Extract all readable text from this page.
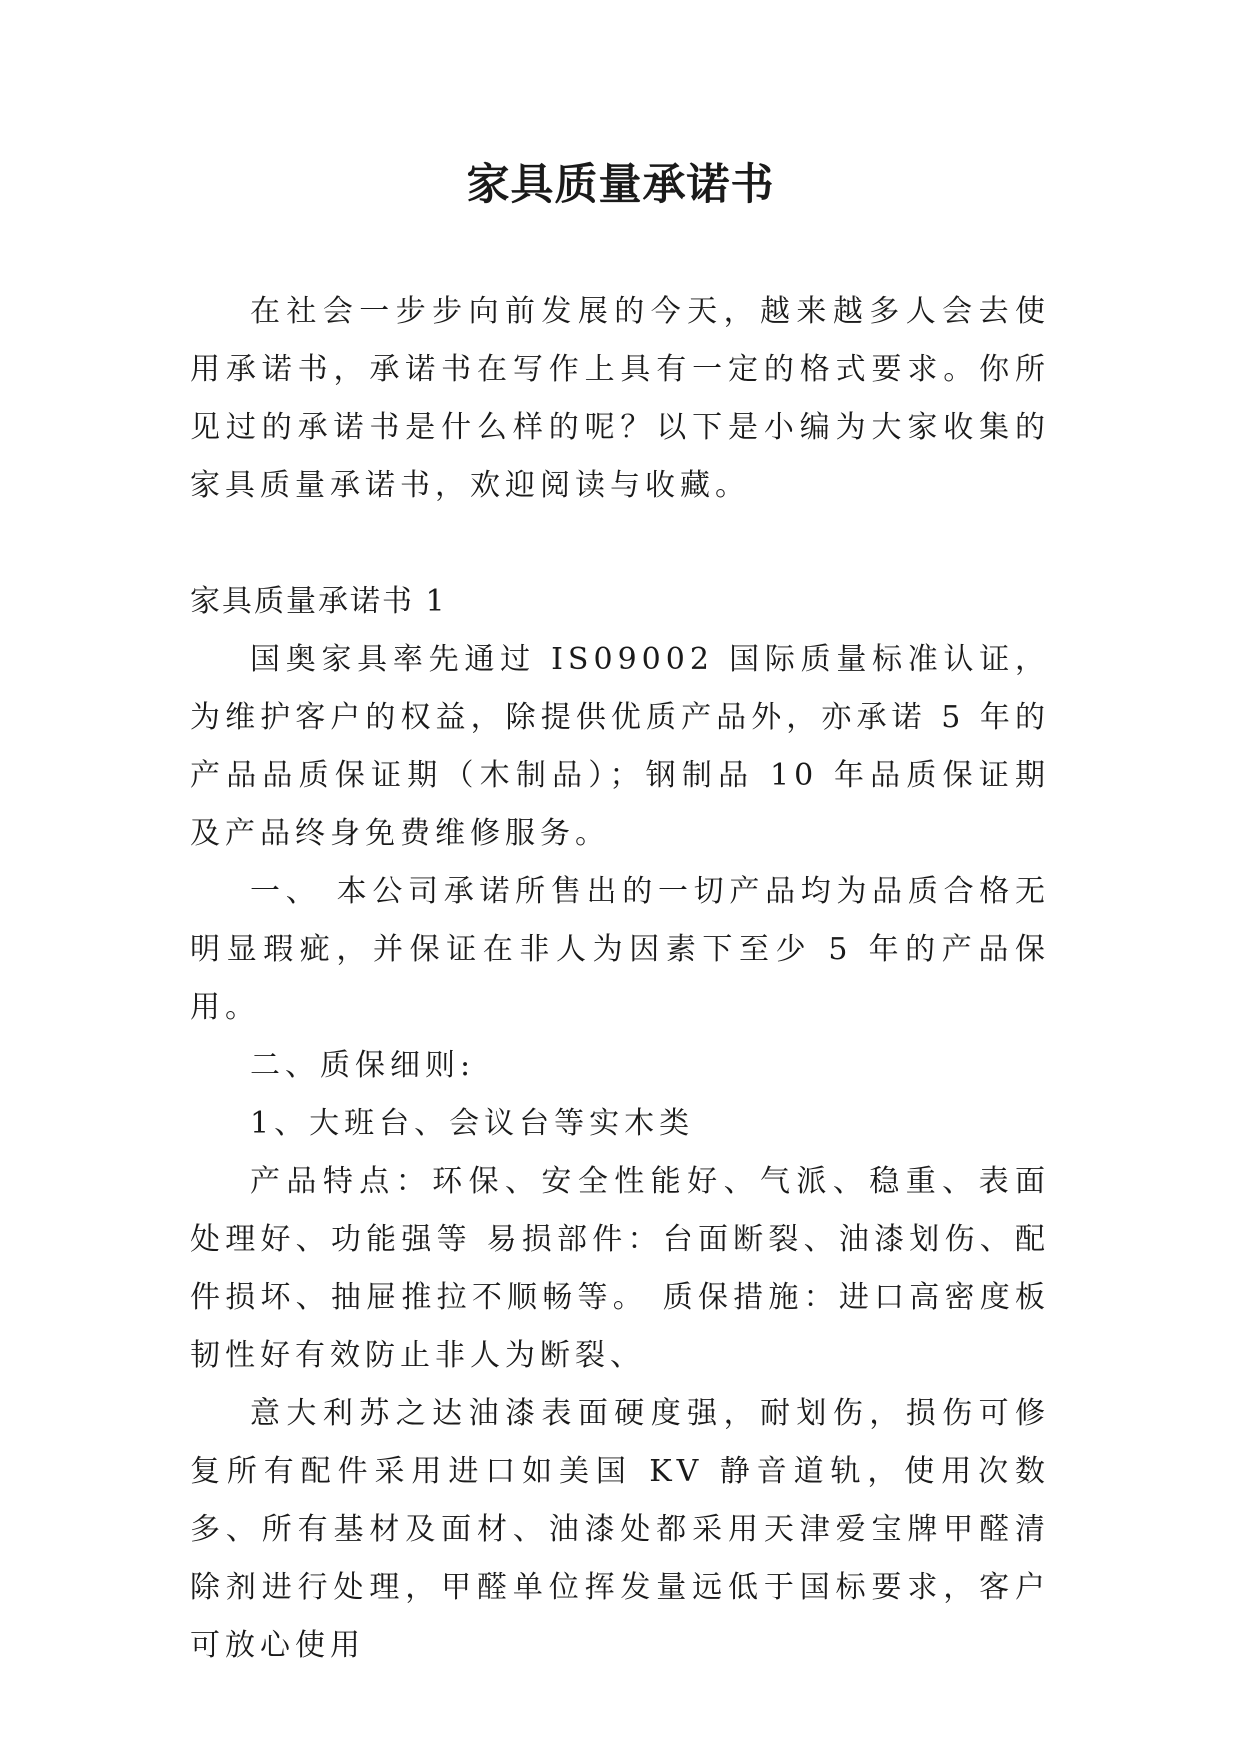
家具质量承诺书

在社会一步步向前发展的今天，越来越多人会去使用承诺书，承诺书在写作上具有一定的格式要求。你所见过的承诺书是什么样的呢？以下是小编为大家收集的家具质量承诺书，欢迎阅读与收藏。

家具质量承诺书 1

国奥家具率先通过 IS09002 国际质量标准认证，为维护客户的权益，除提供优质产品外，亦承诺 5 年的产品品质保证期（木制品）；钢制品 10 年品质保证期及产品终身免费维修服务。

一、 本公司承诺所售出的一切产品均为品质合格无明显瑕疵，并保证在非人为因素下至少 5 年的产品保用。

二、质保细则:

1、大班台、会议台等实木类

产品特点：环保、安全性能好、气派、稳重、表面处理好、功能强等 易损部件：台面断裂、油漆划伤、配件损坏、抽屉推拉不顺畅等。 质保措施：进口高密度板韧性好有效防止非人为断裂、

意大利苏之达油漆表面硬度强，耐划伤，损伤可修复所有配件采用进口如美国 KV 静音道轨，使用次数多、所有基材及面材、油漆处都采用天津爱宝牌甲醛清除剂进行处理，甲醛单位挥发量远低于国标要求，客户可放心使用
